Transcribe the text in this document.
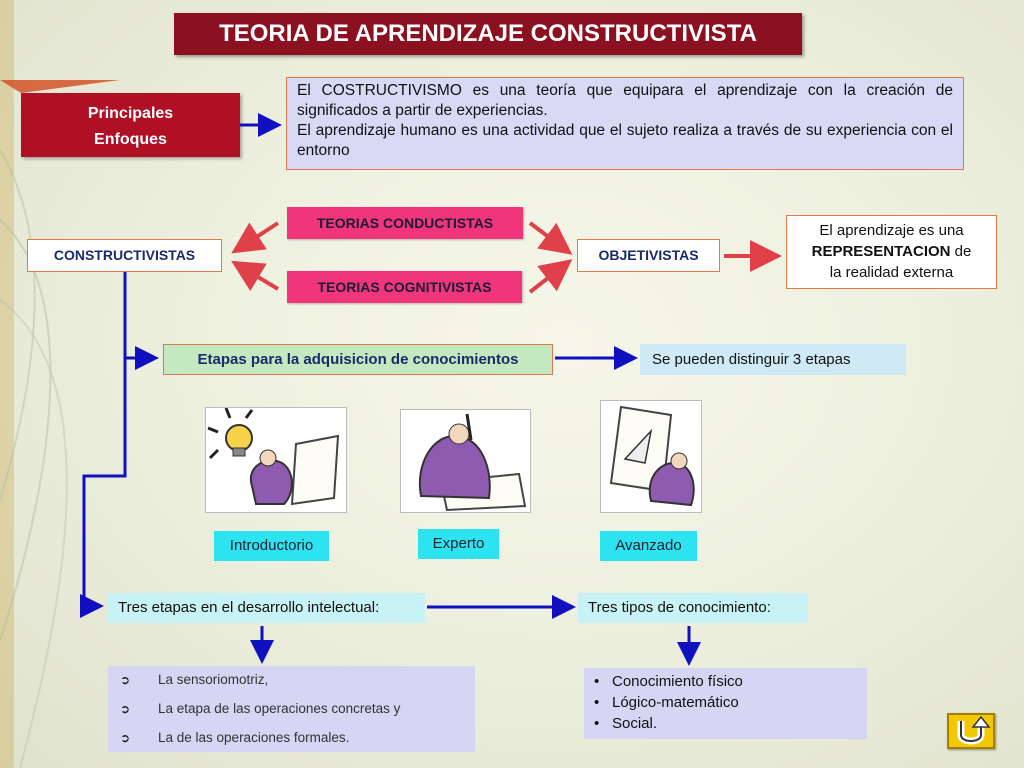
TEORIA DE APRENDIZAJE CONSTRUCTIVISTA
Principales
Enfoques

El COSTRUCTIVISMO es una teoría que equipara el aprendizaje con la creación de significados a partir de experiencias.

El aprendizaje humano es una actividad que el sujeto realiza a través de su experiencia con el entorno

CONSTRUCTIVISTAS
TEORIAS CONDUCTISTAS
TEORIAS COGNITIVISTAS
OBJETIVISTAS
El aprendizaje es una
REPRESENTACION de
la realidad externa
Etapas para la adquisicion de conocimientos	Se pueden distinguir 3 etapas
Introductorio	Experto	Avanzado
Tres etapas en el desarrollo intelectual:	Tres tipos de conocimiento:
➲ La sensoriomotriz,
➲ La etapa de las operaciones concretas y
➲ La de las operaciones formales.
• Conocimiento físico
• Lógico-matemático
• Social.
